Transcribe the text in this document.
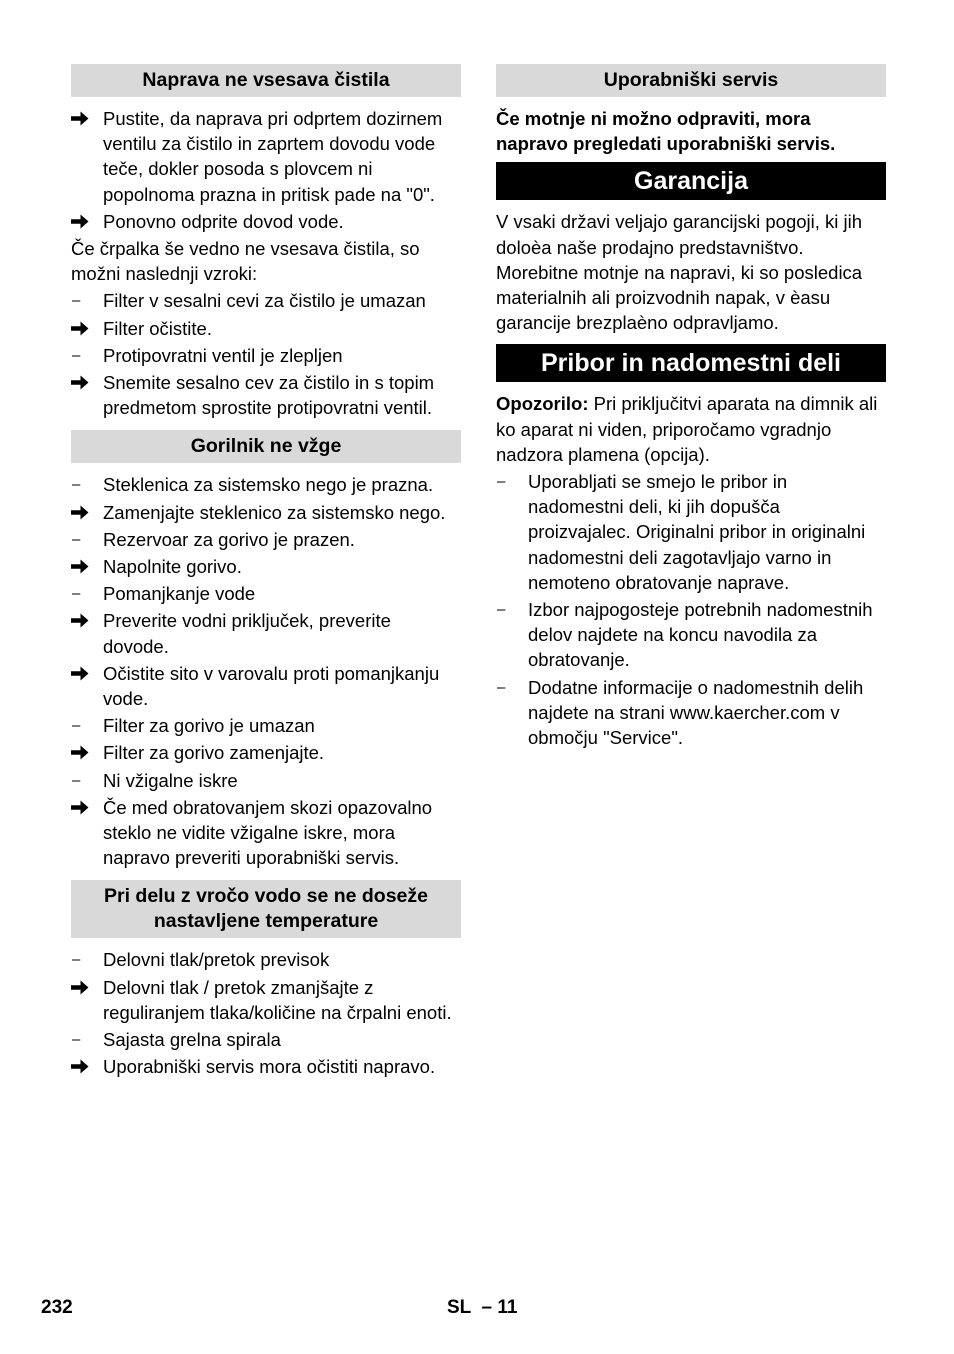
Naprava ne vsesava čistila
Pustite, da naprava pri odprtem dozirnem ventilu za čistilo in zaprtem dovodu vode teče, dokler posoda s plovcem ni popolnoma prazna in pritisk pade na "0".
Ponovno odprite dovod vode.
Če črpalka še vedno ne vsesava čistila, so možni naslednji vzroki:
–	Filter v sesalni cevi za čistilo je umazan
Filter očistite.
–	Protipovratni ventil je zlepljen
Snemite sesalno cev za čistilo in s topim predmetom sprostite protipovratni ventil.
Gorilnik ne vžge
–	Steklenica za sistemsko nego je prazna.
Zamenjajte steklenico za sistemsko nego.
–	Rezervoar za gorivo je prazen.
Napolnite gorivo.
–	Pomanjkanje vode
Preverite vodni priključek, preverite dovode.
Očistite sito v varovalu proti pomanjkanju vode.
–	Filter za gorivo je umazan
Filter za gorivo zamenjajte.
–	Ni vžigalne iskre
Če med obratovanjem skozi opazovalno steklo ne vidite vžigalne iskre, mora napravo preveriti uporabniški servis.
Pri delu z vročo vodo se ne doseže nastavljene temperature
–	Delovni tlak/pretok previsok
Delovni tlak / pretok zmanjšajte z reguliranjem tlaka/količine na črpalni enoti.
–	Sajasta grelna spirala
Uporabniški servis mora očistiti napravo.
Uporabniški servis
Če motnje ni možno odpraviti, mora napravo pregledati uporabniški servis.
Garancija
V vsaki državi veljajo garancijski pogoji, ki jih doloèa naše prodajno predstavništvo. Morebitne motnje na napravi, ki so posledica materialnih ali proizvodnih napak, v èasu garancije brezplaèno odpravljamo.
Pribor in nadomestni deli
Opozorilo: Pri priključitvi aparata na dimnik ali ko aparat ni viden, priporočamo vgradnjo nadzora plamena (opcija).
–	Uporabljati se smejo le pribor in nadomestni deli, ki jih dopušča proizvajalec. Originalni pribor in originalni nadomestni deli zagotavljajo varno in nemoteno obratovanje naprave.
–	Izbor najpogosteje potrebnih nadomestnih delov najdete na koncu navodila za obratovanje.
–	Dodatne informacije o nadomestnih delih najdete na strani www.kaercher.com v območju "Service".
232	SL  – 11
